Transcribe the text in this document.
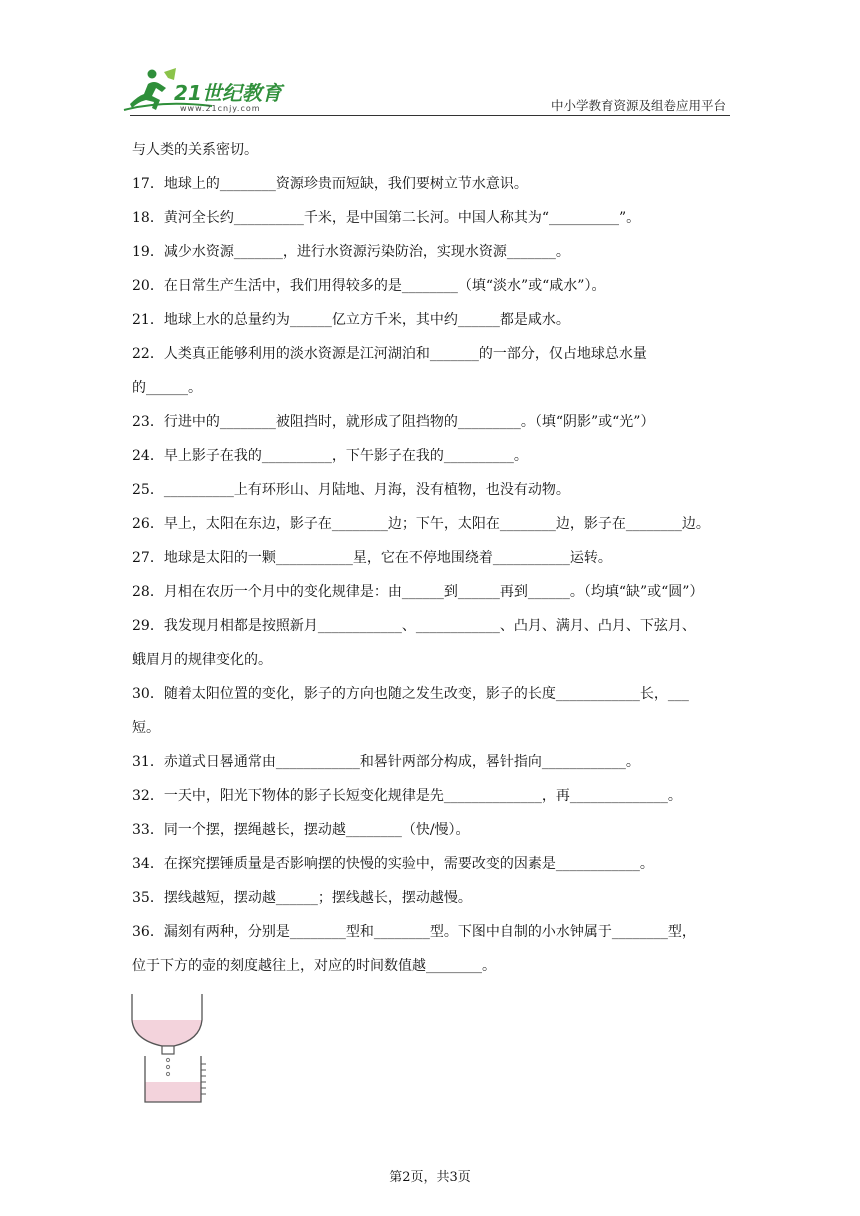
21世纪教育
www.21cnjy.com	中小学教育资源及组卷应用平台
与人类的关系密切。
17．地球上的________资源珍贵而短缺，我们要树立节水意识。
18．黄河全长约__________千米，是中国第二长河。中国人称其为“__________”。
19．减少水资源_______，进行水资源污染防治，实现水资源_______。
20．在日常生产生活中，我们用得较多的是________（填“淡水”或“咸水”）。
21．地球上水的总量约为______亿立方千米，其中约______都是咸水。
22．人类真正能够利用的淡水资源是江河湖泊和_______的一部分，仅占地球总水量
的______。
23．行进中的________被阻挡时，就形成了阻挡物的_________。（填“阴影”或“光”）
24．早上影子在我的__________，下午影子在我的__________。
25．__________上有环形山、月陆地、月海，没有植物，也没有动物。
26．早上，太阳在东边，影子在________边；下午，太阳在________边，影子在________边。
27．地球是太阳的一颗___________星，它在不停地围绕着___________运转。
28．月相在农历一个月中的变化规律是：由______到______再到______。（均填“缺”或“圆”）
29．我发现月相都是按照新月____________、____________、凸月、满月、凸月、下弦月、
蛾眉月的规律变化的。
30．随着太阳位置的变化，影子的方向也随之发生改变，影子的长度____________长，___
短。
31．赤道式日晷通常由____________和晷针两部分构成，晷针指向____________。
32．一天中，阳光下物体的影子长短变化规律是先______________，再______________。
33．同一个摆，摆绳越长，摆动越________（快/慢）。
34．在探究摆锤质量是否影响摆的快慢的实验中，需要改变的因素是____________。
35．摆线越短，摆动越______；摆线越长，摆动越慢。
36．漏刻有两种，分别是________型和________型。下图中自制的小水钟属于________型，
位于下方的壶的刻度越往上，对应的时间数值越________。
第2页，共3页
